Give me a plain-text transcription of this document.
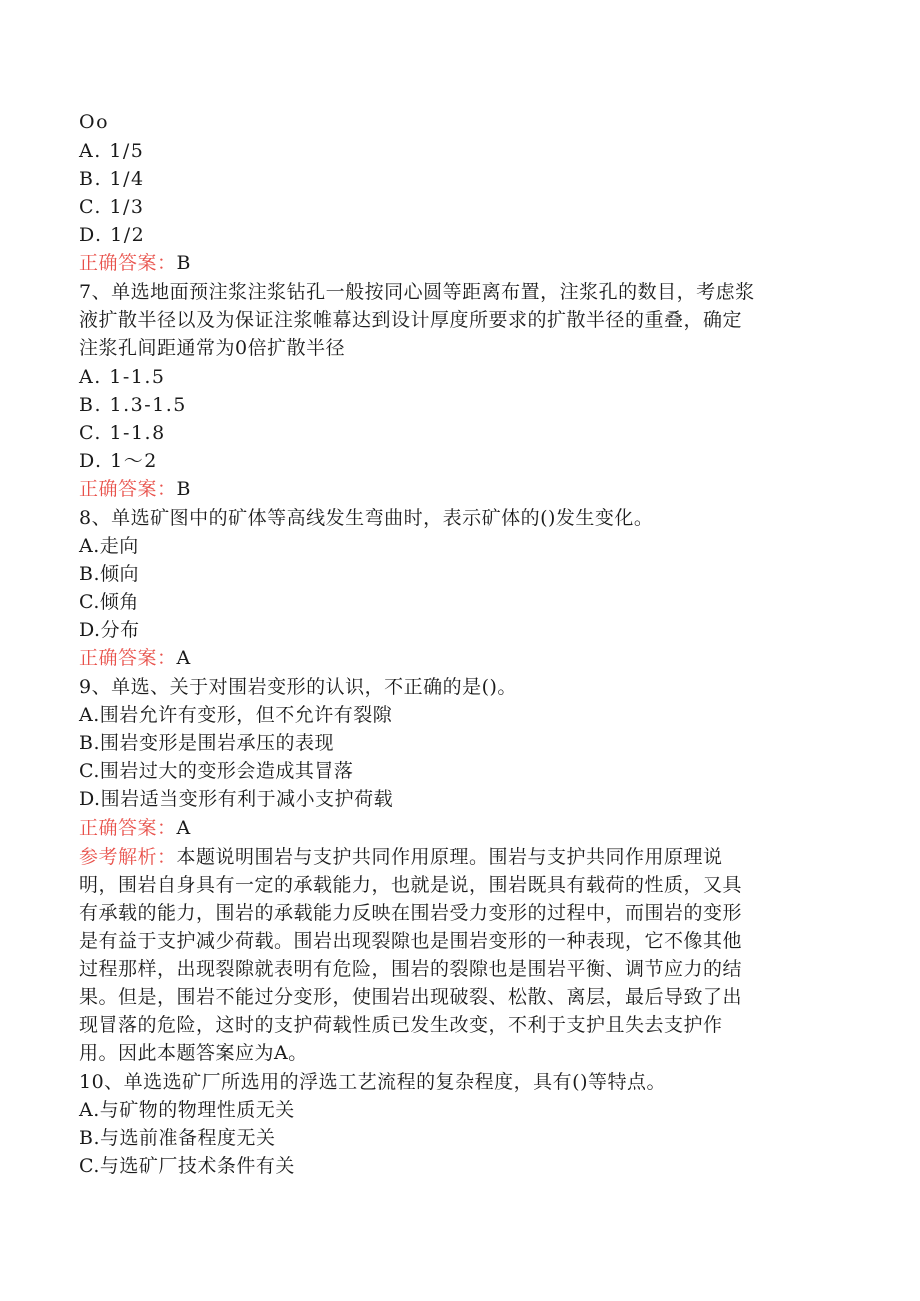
Oo
A. 1/5
B. 1/4
C. 1/3
D. 1/2
正确答案：B
7、单选地面预注浆注浆钻孔一般按同心圆等距离布置，注浆孔的数目，考虑浆
液扩散半径以及为保证注浆帷幕达到设计厚度所要求的扩散半径的重叠，确定
注浆孔间距通常为0倍扩散半径
A. 1-1.5
B. 1.3-1.5
C. 1-1.8
D. 1～2
正确答案：B
8、单选矿图中的矿体等高线发生弯曲时，表示矿体的()发生变化。
A.走向
B.倾向
C.倾角
D.分布
正确答案：A
9、单选、关于对围岩变形的认识，不正确的是()。
A.围岩允许有变形，但不允许有裂隙
B.围岩变形是围岩承压的表现
C.围岩过大的变形会造成其冒落
D.围岩适当变形有利于减小支护荷载
正确答案：A
参考解析：本题说明围岩与支护共同作用原理。围岩与支护共同作用原理说
明，围岩自身具有一定的承载能力，也就是说，围岩既具有载荷的性质，又具
有承载的能力，围岩的承载能力反映在围岩受力变形的过程中，而围岩的变形
是有益于支护减少荷载。围岩出现裂隙也是围岩变形的一种表现，它不像其他
过程那样，出现裂隙就表明有危险，围岩的裂隙也是围岩平衡、调节应力的结
果。但是，围岩不能过分变形，使围岩出现破裂、松散、离层，最后导致了出
现冒落的危险，这时的支护荷载性质已发生改变，不利于支护且失去支护作
用。因此本题答案应为A。
10、单选选矿厂所选用的浮选工艺流程的复杂程度，具有()等特点。
A.与矿物的物理性质无关
B.与选前准备程度无关
C.与选矿厂技术条件有关
